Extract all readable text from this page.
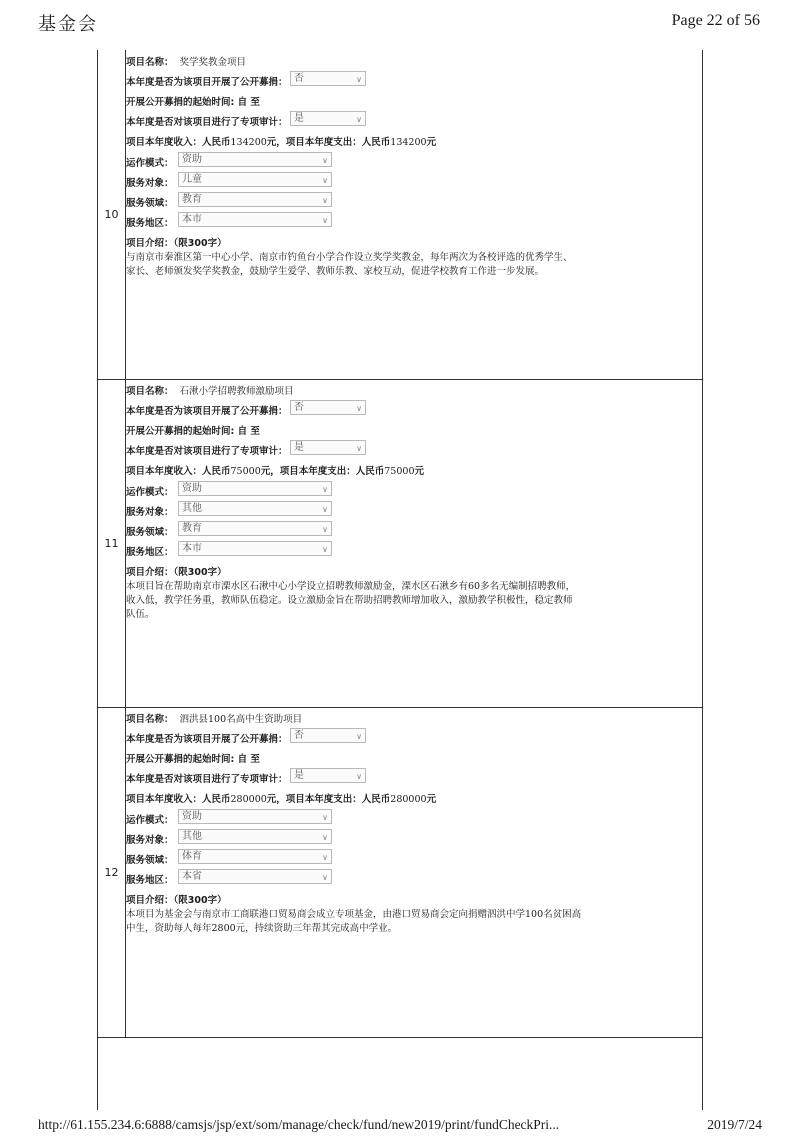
基金会	Page 22 of 56
10
项目名称： 奖学奖教金项目
本年度是否为该项目开展了公开募捐： 否	∨
开展公开募捐的起始时间: 自 至
本年度是否对该项目进行了专项审计： 是	∨
项目本年度收入：人民币134200元，项目本年度支出：人民币134200元
运作模式： 资助	∨
服务对象： 儿童	∨
服务领域： 教育	∨
服务地区： 本市	∨
项目介绍：（限300字）
与南京市秦淮区第一中心小学、南京市钓鱼台小学合作设立奖学奖教金，每年两次为各校评选的优秀学生、
家长、老师颁发奖学奖教金，鼓励学生爱学、教师乐教、家校互动，促进学校教育工作进一步发展。
11
项目名称： 石湫小学招聘教师激励项目
本年度是否为该项目开展了公开募捐： 否	∨
开展公开募捐的起始时间: 自 至
本年度是否对该项目进行了专项审计： 是	∨
项目本年度收入：人民币75000元，项目本年度支出：人民币75000元
运作模式： 资助	∨
服务对象： 其他	∨
服务领域： 教育	∨
服务地区： 本市	∨
项目介绍：（限300字）
本项目旨在帮助南京市溧水区石湫中心小学设立招聘教师激励金，溧水区石湫乡有60多名无编制招聘教师，
收入低，教学任务重，教师队伍稳定。设立激励金旨在帮助招聘教师增加收入，激励教学积极性，稳定教师
队伍。
12
项目名称： 泗洪县100名高中生资助项目
本年度是否为该项目开展了公开募捐： 否	∨
开展公开募捐的起始时间: 自 至
本年度是否对该项目进行了专项审计： 是	∨
项目本年度收入：人民币280000元，项目本年度支出：人民币280000元
运作模式： 资助	∨
服务对象： 其他	∨
服务领域： 体育	∨
服务地区： 本省	∨
项目介绍：（限300字）
本项目为基金会与南京市工商联港口贸易商会成立专项基金，由港口贸易商会定向捐赠泗洪中学100名贫困高
中生，资助每人每年2800元，持续资助三年帮其完成高中学业。
http://61.155.234.6:6888/camsjs/jsp/ext/som/manage/check/fund/new2019/print/fundCheckPri...	2019/7/24
